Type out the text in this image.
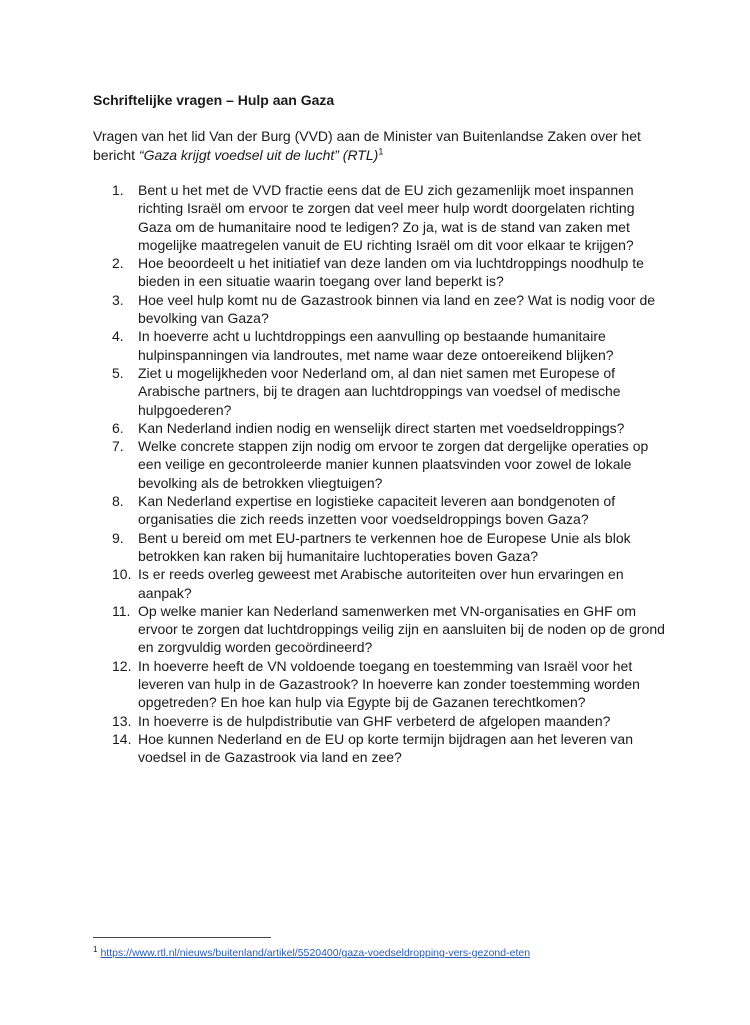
Schriftelijke vragen – Hulp aan Gaza
Vragen van het lid Van der Burg (VVD) aan de Minister van Buitenlandse Zaken over het
bericht “Gaza krijgt voedsel uit de lucht” (RTL)$^1$
1. Bent u het met de VVD fractie eens dat de EU zich gezamenlijk moet inspannen
richting Israël om ervoor te zorgen dat veel meer hulp wordt doorgelaten richting
Gaza om de humanitaire nood te ledigen? Zo ja, wat is de stand van zaken met
mogelijke maatregelen vanuit de EU richting Israël om dit voor elkaar te krijgen?
2. Hoe beoordeelt u het initiatief van deze landen om via luchtdroppings noodhulp te
bieden in een situatie waarin toegang over land beperkt is?
3. Hoe veel hulp komt nu de Gazastrook binnen via land en zee? Wat is nodig voor de
bevolking van Gaza?
4. In hoeverre acht u luchtdroppings een aanvulling op bestaande humanitaire
hulpinspanningen via landroutes, met name waar deze ontoereikend blijken?
5. Ziet u mogelijkheden voor Nederland om, al dan niet samen met Europese of
Arabische partners, bij te dragen aan luchtdroppings van voedsel of medische
hulpgoederen?
6. Kan Nederland indien nodig en wenselijk direct starten met voedseldroppings?
7. Welke concrete stappen zijn nodig om ervoor te zorgen dat dergelijke operaties op
een veilige en gecontroleerde manier kunnen plaatsvinden voor zowel de lokale
bevolking als de betrokken vliegtuigen?
8. Kan Nederland expertise en logistieke capaciteit leveren aan bondgenoten of
organisaties die zich reeds inzetten voor voedseldroppings boven Gaza?
9. Bent u bereid om met EU-partners te verkennen hoe de Europese Unie als blok
betrokken kan raken bij humanitaire luchtoperaties boven Gaza?
10. Is er reeds overleg geweest met Arabische autoriteiten over hun ervaringen en
aanpak?
11. Op welke manier kan Nederland samenwerken met VN-organisaties en GHF om
ervoor te zorgen dat luchtdroppings veilig zijn en aansluiten bij de noden op de grond
en zorgvuldig worden gecoördineerd?
12. In hoeverre heeft de VN voldoende toegang en toestemming van Israël voor het
leveren van hulp in de Gazastrook? In hoeverre kan zonder toestemming worden
opgetreden? En hoe kan hulp via Egypte bij de Gazanen terechtkomen?
13. In hoeverre is de hulpdistributie van GHF verbeterd de afgelopen maanden?
14. Hoe kunnen Nederland en de EU op korte termijn bijdragen aan het leveren van
voedsel in de Gazastrook via land en zee?
$^1$ https://www.rtl.nl/nieuws/buitenland/artikel/5520400/gaza-voedseldropping-vers-gezond-eten
